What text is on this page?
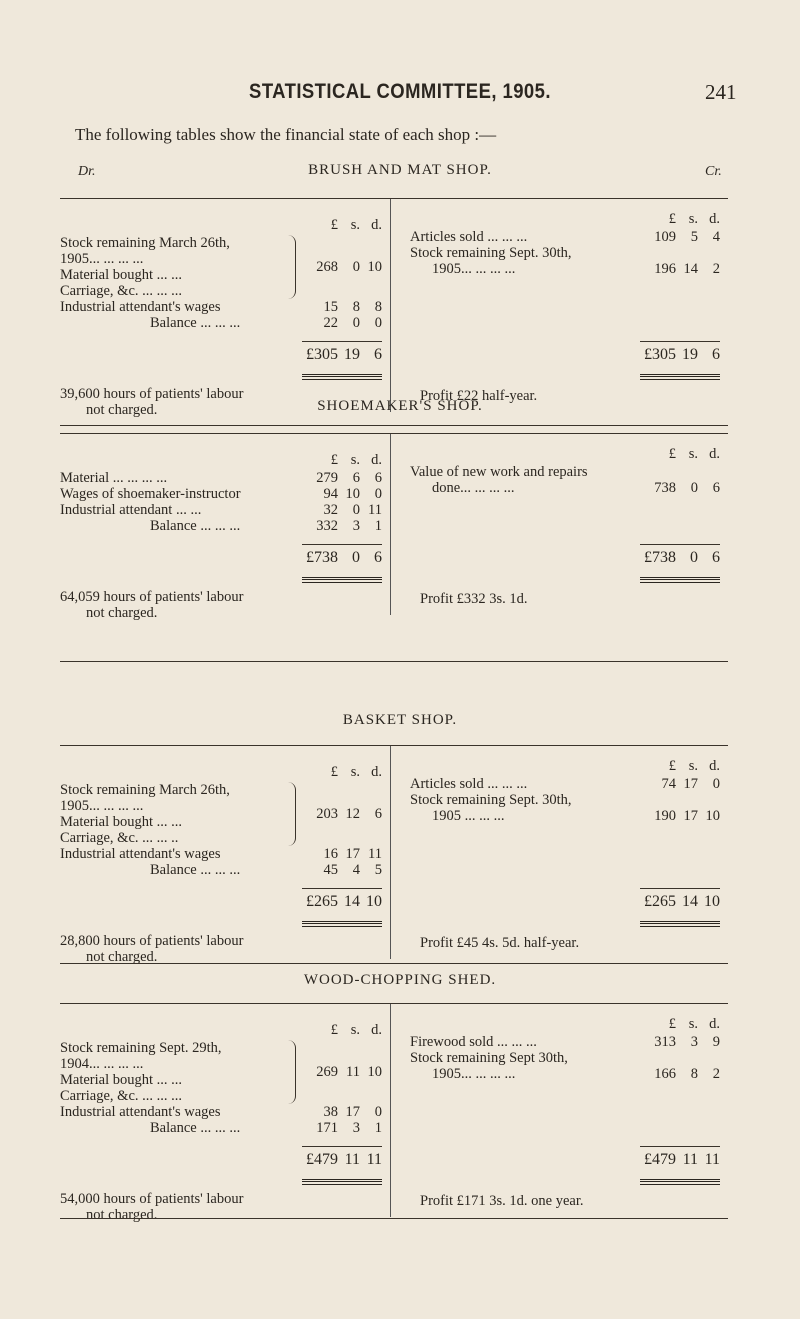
STATISTICAL COMMITTEE, 1905.	241
The following tables show the financial state of each shop :—
BRUSH AND MAT SHOP.
Dr.	Cr.
£ s. d.
Stock remaining March 26th,
1905... ... ... ...
Material bought ... ...
Carriage, &c. ... ... ...
268	0 10
Industrial attendant's wages	15	8	8
Balance ... ... ...	22	0	0
£ s. d.
Articles sold ... ... ...	109	5	4
Stock remaining Sept. 30th,
1905... ... ... ...	196 14	2
£305 19 6	£305 19 6
39,600 hours of patients' labour
not charged.
Profit £22 half-year.
SHOEMAKER'S SHOP.
£ s. d.
Material ... ... ... ...	279	6	6
Wages of shoemaker-instructor	94 10	0
Industrial attendant ... ...	32	0 11
Balance ... ... ...	332	3	1
£ s. d.
Value of new work and repairs
done... ... ... ...	738	0	6
£738 0 6	£738 0 6
64,059 hours of patients' labour
not charged.
Profit £332 3s. 1d.
BASKET SHOP.
£ s. d.
Stock remaining March 26th,
1905... ... ... ...
Material bought ... ...
Carriage, &c. ... ... ..
203 12	6
Industrial attendant's wages	16 17 11
Balance ... ... ...	45	4	5
£ s. d.
Articles sold ... ... ...	74 17	0
Stock remaining Sept. 30th,
1905 ... ... ...	190 17 10
£265 14 10	£265 14 10
28,800 hours of patients' labour
not charged.
Profit £45 4s. 5d. half-year.
WOOD-CHOPPING SHED.
£ s. d.
Stock remaining Sept. 29th,
1904... ... ... ...
Material bought ... ...
Carriage, &c. ... ... ...
269 11 10
Industrial attendant's wages	38 17	0
Balance ... ... ...	171	3	1
£ s. d.
Firewood sold ... ... ...	313	3	9
Stock remaining Sept 30th,
1905... ... ... ...	166	8	2
£479 11 11	£479 11 11
54,000 hours of patients' labour
not charged.
Profit £171 3s. 1d. one year.
